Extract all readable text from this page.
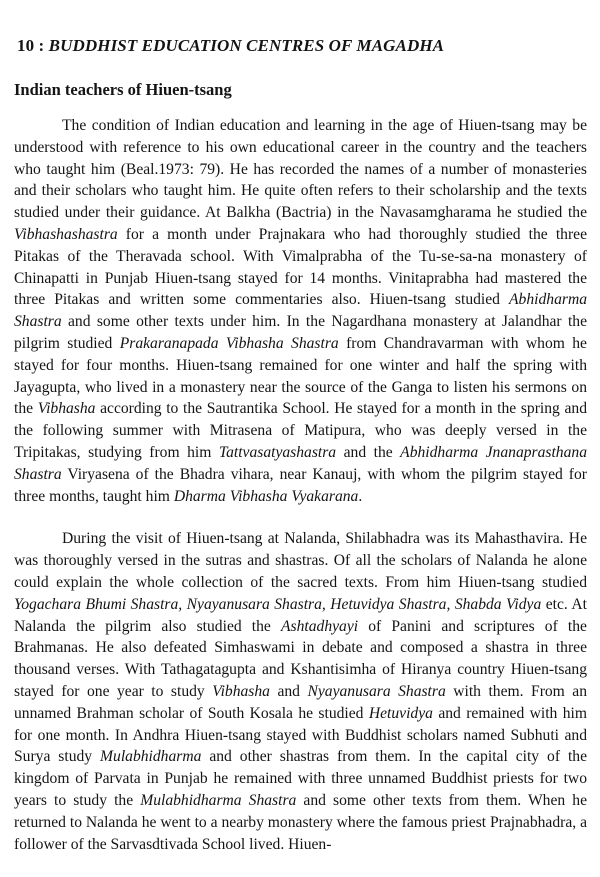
10 : BUDDHIST EDUCATION CENTRES OF MAGADHA
Indian teachers of Hiuen-tsang

The condition of Indian education and learning in the age of Hiuen-tsang may be understood with reference to his own educational career in the country and the teachers who taught him (Beal.1973: 79). He has recorded the names of a number of monasteries and their scholars who taught him. He quite often refers to their scholarship and the texts studied under their guidance. At Balkha (Bactria) in the Navasamgharama he studied the Vibhashashastra for a month under Prajnakara who had thoroughly studied the three Pitakas of the Theravada school. With Vimalprabha of the Tu-se-sa-na monastery of Chinapatti in Punjab Hiuen-tsang stayed for 14 months. Vinitaprabha had mastered the three Pitakas and written some commentaries also. Hiuen-tsang studied Abhidharma Shastra and some other texts under him. In the Nagardhana monastery at Jalandhar the pilgrim studied Prakaranapada Vibhasha Shastra from Chandravarman with whom he stayed for four months. Hiuen-tsang remained for one winter and half the spring with Jayagupta, who lived in a monastery near the source of the Ganga to listen his sermons on the Vibhasha according to the Sautrantika School. He stayed for a month in the spring and the following summer with Mitrasena of Matipura, who was deeply versed in the Tripitakas, studying from him Tattvasatyashastra and the Abhidharma Jnanaprasthana Shastra Viryasena of the Bhadra vihara, near Kanauj, with whom the pilgrim stayed for three months, taught him Dharma Vibhasha Vyakarana.

During the visit of Hiuen-tsang at Nalanda, Shilabhadra was its Mahasthavira. He was thoroughly versed in the sutras and shastras. Of all the scholars of Nalanda he alone could explain the whole collection of the sacred texts. From him Hiuen-tsang studied Yogachara Bhumi Shastra, Nyayanusara Shastra, Hetuvidya Shastra, Shabda Vidya etc. At Nalanda the pilgrim also studied the Ashtadhyayi of Panini and scriptures of the Brahmanas. He also defeated Simhaswami in debate and composed a shastra in three thousand verses. With Tathagatagupta and Kshantisimha of Hiranya country Hiuen-tsang stayed for one year to study Vibhasha and Nyayanusara Shastra with them. From an unnamed Brahman scholar of South Kosala he studied Hetuvidya and remained with him for one month. In Andhra Hiuen-tsang stayed with Buddhist scholars named Subhuti and Surya study Mulabhidharma and other shastras from them. In the capital city of the kingdom of Parvata in Punjab he remained with three unnamed Buddhist priests for two years to study the Mulabhidharma Shastra and some other texts from them. When he returned to Nalanda he went to a nearby monastery where the famous priest Prajnabhadra, a follower of the Sarvasdtivada School lived. Hiuen-
